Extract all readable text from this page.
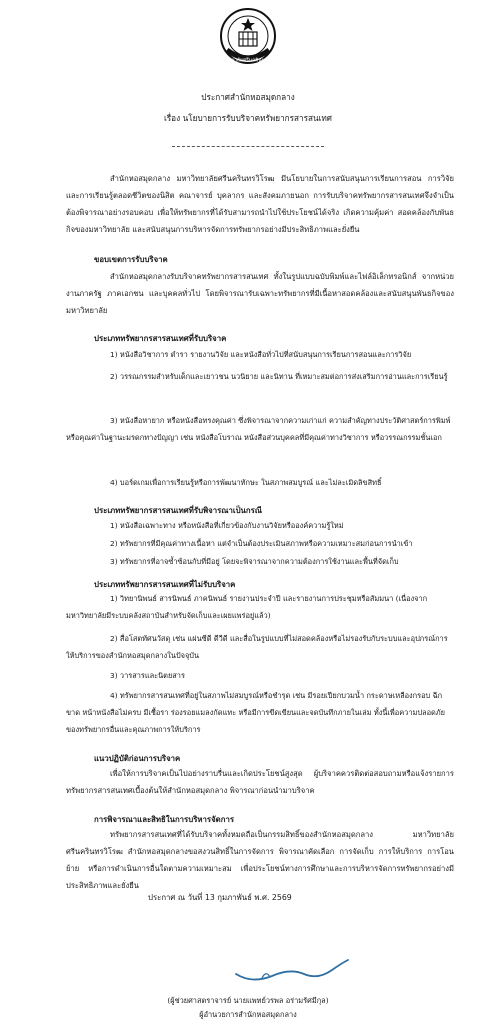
มหาวิทยาลัยศรีนครินทรวิโรฒ
ประกาศสำนักหอสมุดกลาง
เรื่อง นโยบายการรับบริจาคทรัพยากรสารสนเทศ

สำนักหอสมุดกลาง มหาวิทยาลัยศรีนครินทรวิโรฒ มีนโยบายในการสนับสนุนการเรียนการสอน การวิจัย และการเรียนรู้ตลอดชีวิตของนิสิต คณาจารย์ บุคลากร และสังคมภายนอก การรับบริจาคทรัพยากรสารสนเทศจึงจำเป็นต้องพิจารณาอย่างรอบคอบ เพื่อให้ทรัพยากรที่ได้รับสามารถนำไปใช้ประโยชน์ได้จริง เกิดความคุ้มค่า สอดคล้องกับพันธกิจของมหาวิทยาลัย และสนับสนุนการบริหารจัดการทรัพยากรอย่างมีประสิทธิภาพและยั่งยืน

ขอบเขตการรับบริจาค

สำนักหอสมุดกลางรับบริจาคทรัพยากรสารสนเทศ ทั้งในรูปแบบฉบับพิมพ์และไฟล์อิเล็กทรอนิกส์ จากหน่วยงานภาครัฐ ภาคเอกชน และบุคคลทั่วไป โดยพิจารณารับเฉพาะทรัพยากรที่มีเนื้อหาสอดคล้องและสนับสนุนพันธกิจของมหาวิทยาลัย

ประเภททรัพยากรสารสนเทศที่รับบริจาค

1) หนังสือวิชาการ ตำรา รายงานวิจัย และหนังสือทั่วไปที่สนับสนุนการเรียนการสอนและการวิจัย

2) วรรณกรรมสำหรับเด็กและเยาวชน นวนิยาย และนิทาน ที่เหมาะสมต่อการส่งเสริมการอ่านและการเรียนรู้

3) หนังสือหายาก หรือหนังสือทรงคุณค่า ซึ่งพิจารณาจากความเก่าแก่ ความสำคัญทางประวัติศาสตร์การพิมพ์ หรือคุณค่าในฐานะมรดกทางปัญญา เช่น หนังสือโบราณ หนังสือส่วนบุคคลที่มีคุณค่าทางวิชาการ หรือวรรณกรรมชั้นเอก

4) บอร์ดเกมเพื่อการเรียนรู้หรือการพัฒนาทักษะ ในสภาพสมบูรณ์ และไม่ละเมิดลิขสิทธิ์

ประเภททรัพยากรสารสนเทศที่รับพิจารณาเป็นกรณี

1) หนังสือเฉพาะทาง หรือหนังสือที่เกี่ยวข้องกับงานวิจัยหรือองค์ความรู้ใหม่

2) ทรัพยากรที่มีคุณค่าทางเนื้อหา แต่จำเป็นต้องประเมินสภาพหรือความเหมาะสมก่อนการนำเข้า

3) ทรัพยากรที่อาจซ้ำซ้อนกับที่มีอยู่ โดยจะพิจารณาจากความต้องการใช้งานและพื้นที่จัดเก็บ

ประเภททรัพยากรสารสนเทศที่ไม่รับบริจาค

1) วิทยานิพนธ์ สารนิพนธ์ ภาคนิพนธ์ รายงานประจำปี และรายงานการประชุมหรือสัมมนา (เนื่องจากมหาวิทยาลัยมีระบบคลังสถาบันสำหรับจัดเก็บและเผยแพร่อยู่แล้ว)

2) สื่อโสตทัศนวัสดุ เช่น แผ่นซีดี ดีวีดี และสื่อในรูปแบบที่ไม่สอดคล้องหรือไม่รองรับกับระบบและอุปกรณ์การให้บริการของสำนักหอสมุดกลางในปัจจุบัน

3) วารสารและนิตยสาร

4) ทรัพยากรสารสนเทศที่อยู่ในสภาพไม่สมบูรณ์หรือชำรุด เช่น มีรอยเปียกบวมน้ำ กระดาษเหลืองกรอบ ฉีกขาด หน้าหนังสือไม่ครบ มีเชื้อรา ร่องรอยแมลงกัดแทะ หรือมีการขีดเขียนและจดบันทึกภายในเล่ม ทั้งนี้เพื่อความปลอดภัยของทรัพยากรอื่นและคุณภาพการให้บริการ

แนวปฏิบัติก่อนการบริจาค

เพื่อให้การบริจาคเป็นไปอย่างราบรื่นและเกิดประโยชน์สูงสุด ผู้บริจาคควรติดต่อสอบถามหรือแจ้งรายการทรัพยากรสารสนเทศเบื้องต้นให้สำนักหอสมุดกลาง พิจารณาก่อนนำมาบริจาค

การพิจารณาและสิทธิในการบริหารจัดการ

ทรัพยากรสารสนเทศที่ได้รับบริจาคทั้งหมดถือเป็นกรรมสิทธิ์ของสำนักหอสมุดกลาง มหาวิทยาลัยศรีนครินทรวิโรฒ สำนักหอสมุดกลางขอสงวนสิทธิ์ในการจัดการ พิจารณาคัดเลือก การจัดเก็บ การให้บริการ การโอนย้าย หรือการดำเนินการอื่นใดตามความเหมาะสม เพื่อประโยชน์ทางการศึกษาและการบริหารจัดการทรัพยากรอย่างมีประสิทธิภาพและยั่งยืน

ประกาศ ณ วันที่ 13 กุมภาพันธ์ พ.ศ. 2569
(ผู้ช่วยศาสตราจารย์ นายแพทย์วรพล อร่ามรัศมีกุล)
ผู้อำนวยการสำนักหอสมุดกลาง
